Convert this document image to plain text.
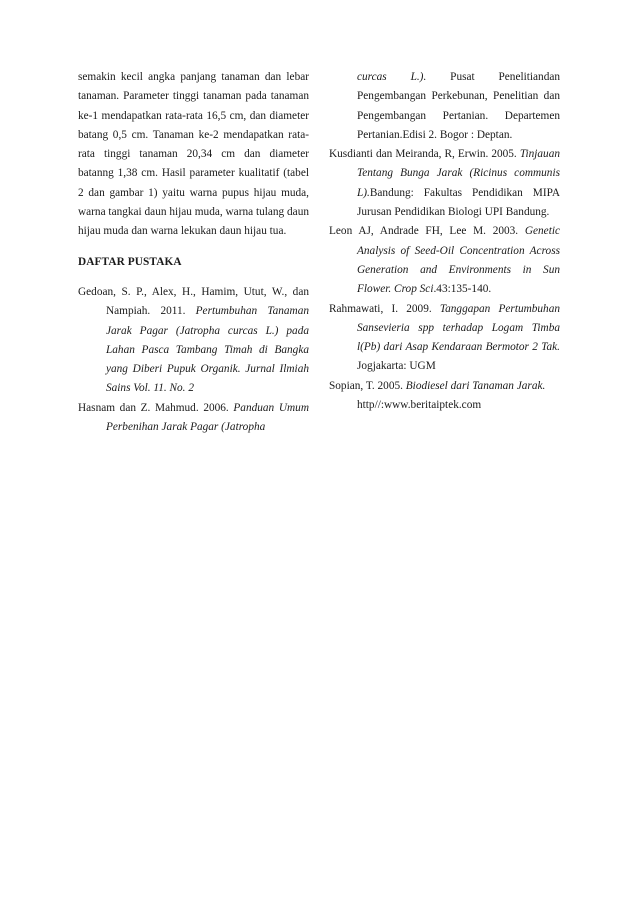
semakin kecil angka panjang tanaman dan lebar tanaman. Parameter tinggi tanaman pada tanaman ke-1 mendapatkan rata-rata 16,5 cm, dan diameter batang 0,5 cm. Tanaman ke-2 mendapatkan rata-rata tinggi tanaman 20,34 cm dan diameter batanng 1,38 cm. Hasil parameter kualitatif (tabel 2 dan gambar 1) yaitu warna pupus hijau muda, warna tangkai daun hijau muda, warna tulang daun hijau muda dan warna lekukan daun hijau tua.

DAFTAR PUSTAKA

Gedoan, S. P., Alex, H., Hamim, Utut, W., dan Nampiah. 2011. Pertumbuhan Tanaman Jarak Pagar (Jatropha curcas L.) pada Lahan Pasca Tambang Timah di Bangka yang Diberi Pupuk Organik. Jurnal Ilmiah Sains Vol. 11. No. 2

Hasnam dan Z. Mahmud. 2006. Panduan Umum Perbenihan Jarak Pagar (Jatropha

curcas L.). Pusat Penelitiandan Pengembangan Perkebunan, Penelitian dan Pengembangan Pertanian. Departemen Pertanian.Edisi 2. Bogor : Deptan.

Kusdianti dan Meiranda, R, Erwin. 2005. Tinjauan Tentang Bunga Jarak (Ricinus communis L).Bandung: Fakultas Pendidikan MIPA Jurusan Pendidikan Biologi UPI Bandung.

Leon AJ, Andrade FH, Lee M. 2003. Genetic Analysis of Seed-Oil Concentration Across Generation and Environments in Sun Flower. Crop Sci.43:135-140.

Rahmawati, I. 2009. Tanggapan Pertumbuhan Sansevieria spp terhadap Logam Timba l(Pb) dari Asap Kendaraan Bermotor 2 Tak. Jogjakarta: UGM

Sopian, T. 2005. Biodiesel dari Tanaman Jarak.
http//:www.beritaiptek.com
